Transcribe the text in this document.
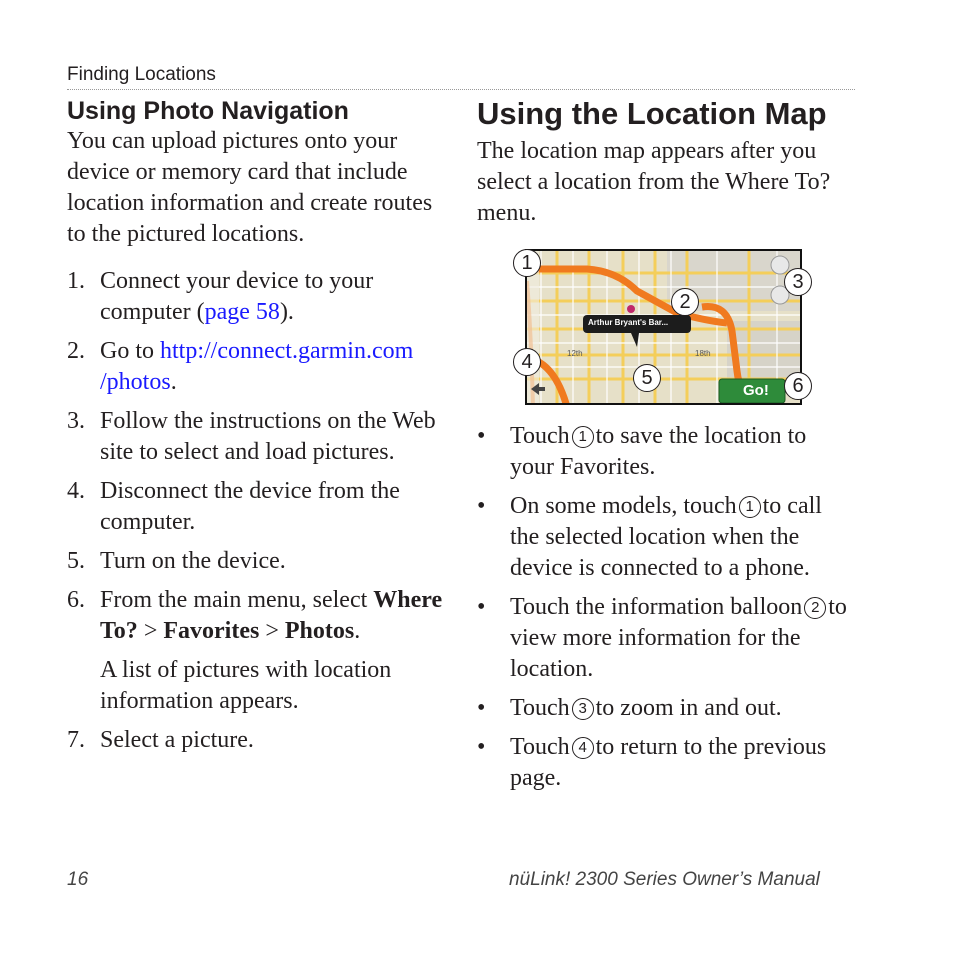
Finding Locations
Using Photo Navigation

You can upload pictures onto your device or memory card that include location information and create routes to the pictured locations.

1. Connect your device to your computer (page 58).
2. Go to http://connect.garmin.com /photos.
3. Follow the instructions on the Web site to select and load pictures.
4. Disconnect the device from the computer.
5. Turn on the device.
6. From the main menu, select Where To? > Favorites > Photos.
A list of pictures with location information appears.
7. Select a picture.
Using the Location Map

The location map appears after you select a location from the Where To? menu.

Arthur Bryant's Bar...
12th	18th
Go!
1
2
3
4
5	6
• Touch 1 to save the location to your Favorites.
• On some models, touch 1 to call the selected location when the device is connected to a phone.
• Touch the information balloon 2 to view more information for the location.
• Touch 3 to zoom in and out.
• Touch 4 to return to the previous page.
16	nüLink! 2300 Series Owner’s Manual
